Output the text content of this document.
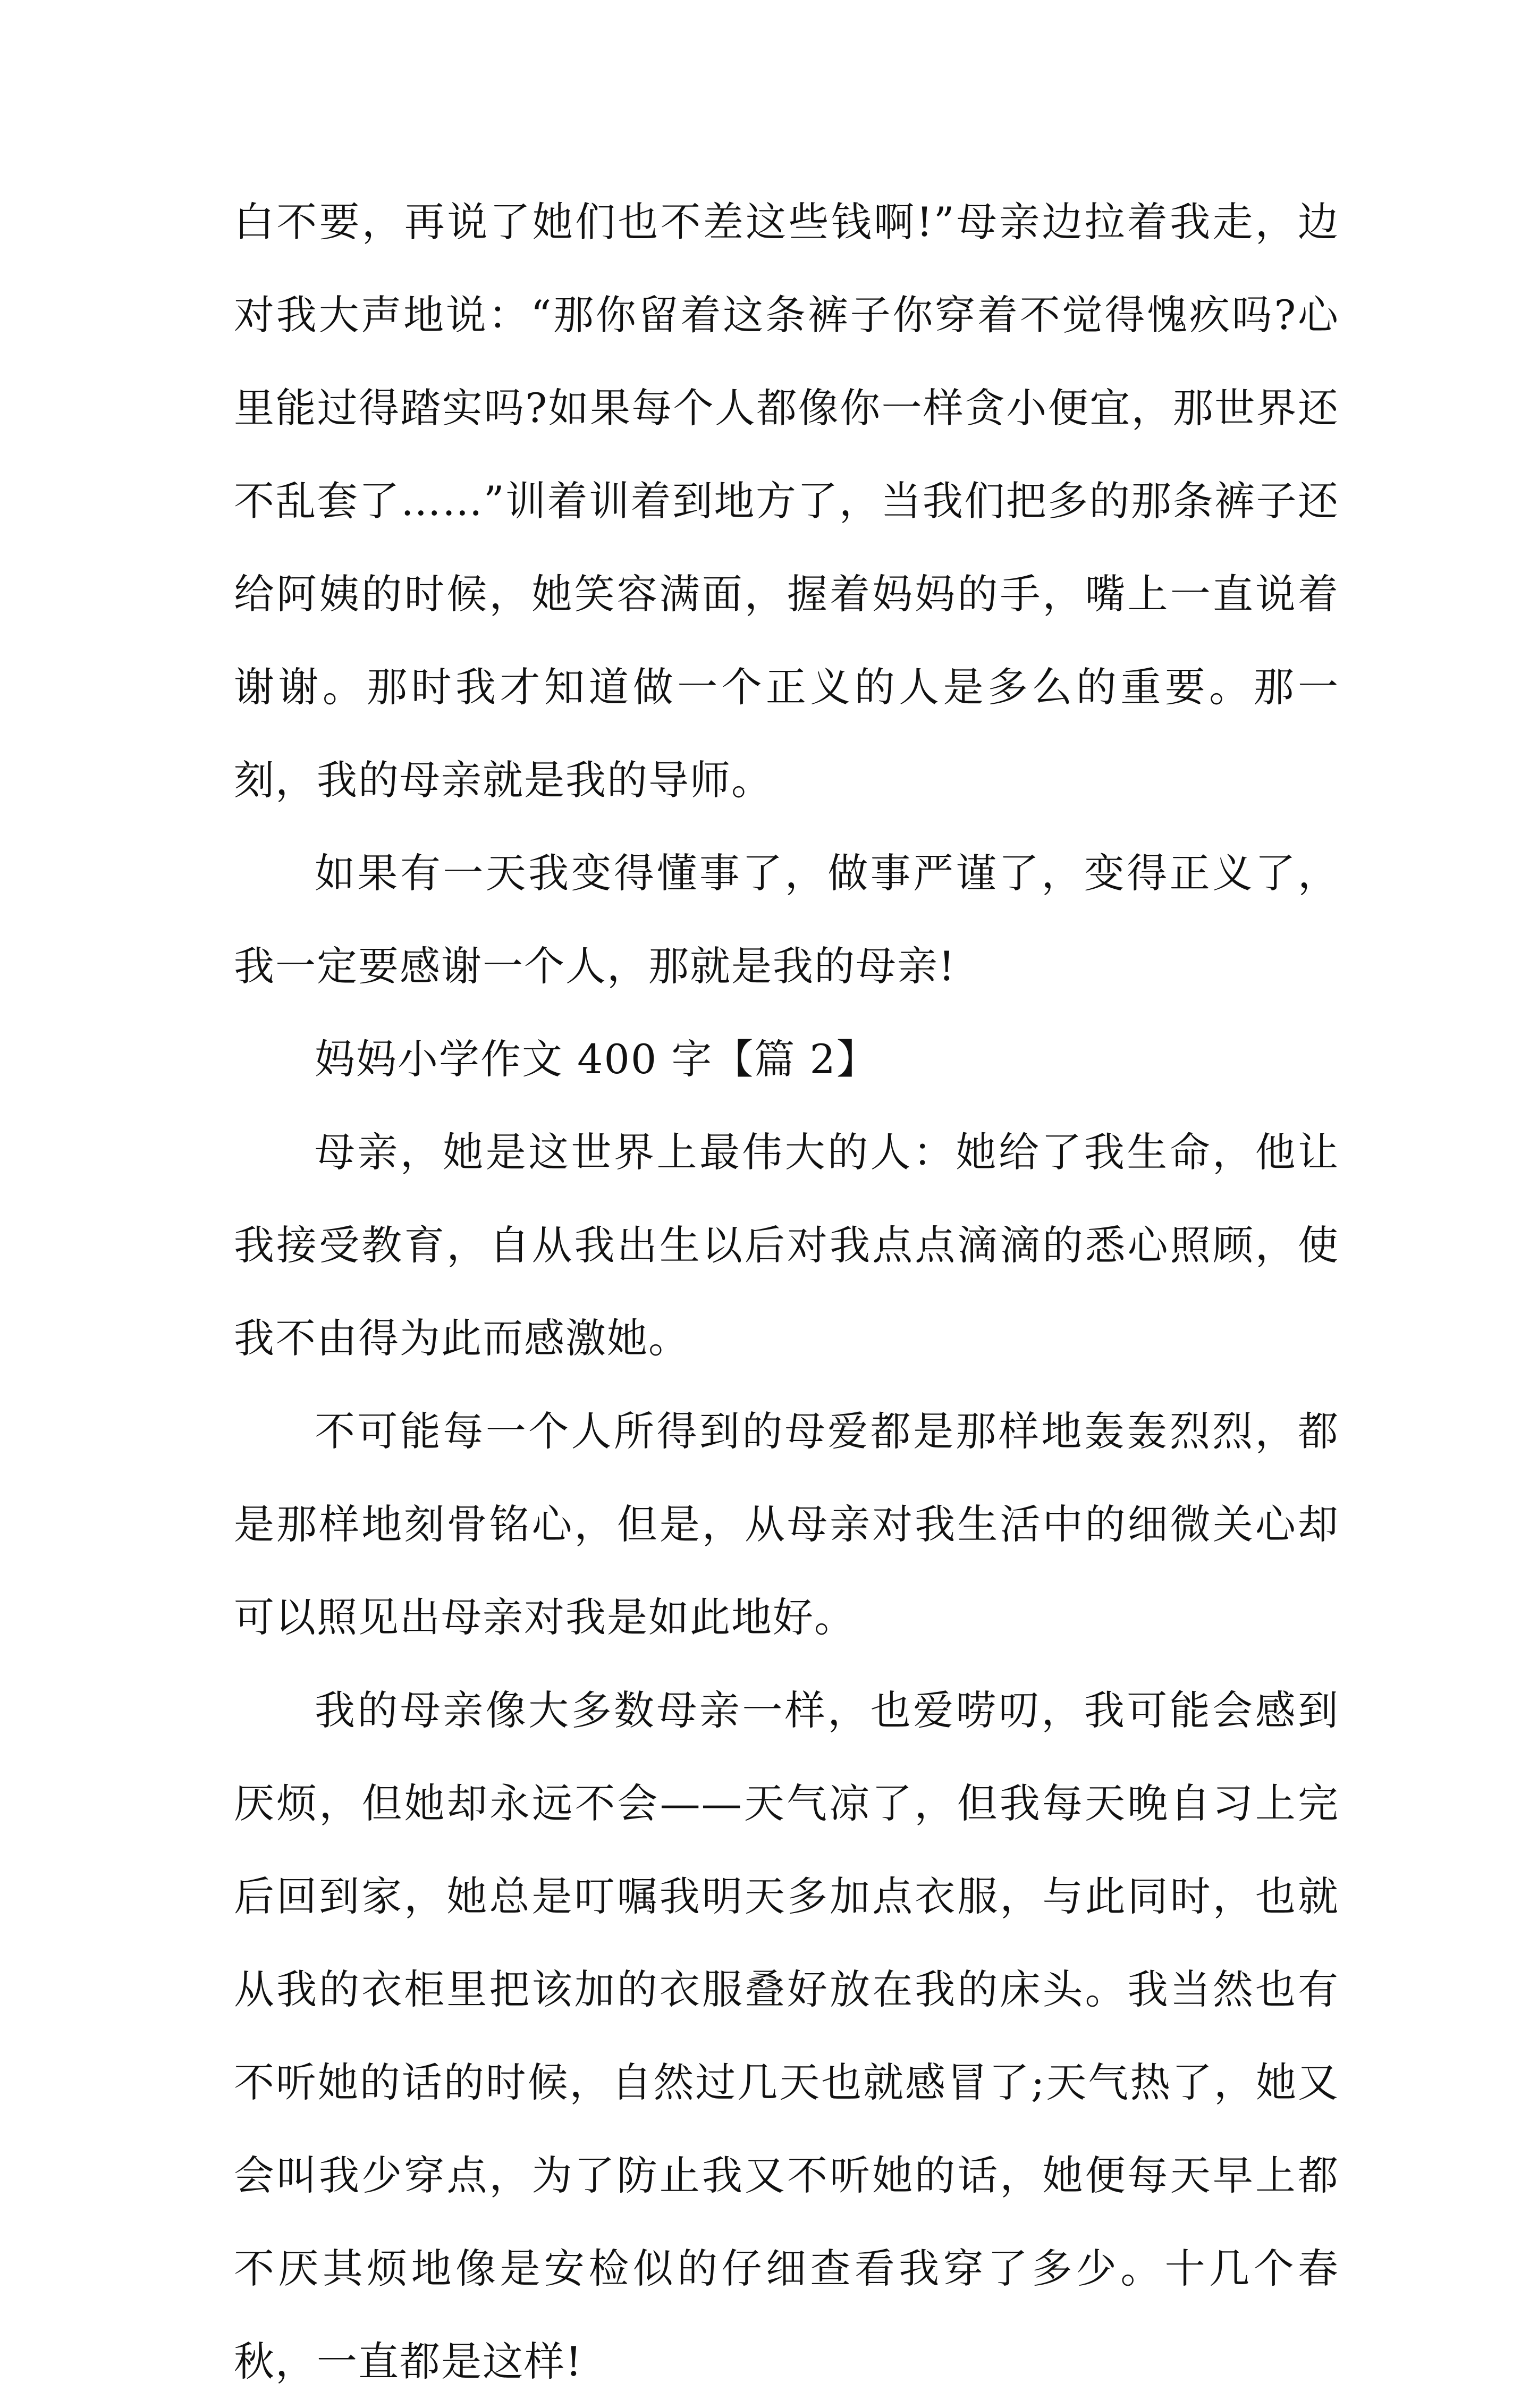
白不要，再说了她们也不差这些钱啊!”母亲边拉着我走，边对我大声地说：“那你留着这条裤子你穿着不觉得愧疚吗?心里能过得踏实吗?如果每个人都像你一样贪小便宜，那世界还不乱套了……”训着训着到地方了，当我们把多的那条裤子还给阿姨的时候，她笑容满面，握着妈妈的手，嘴上一直说着谢谢。那时我才知道做一个正义的人是多么的重要。那一刻，我的母亲就是我的导师。

如果有一天我变得懂事了，做事严谨了，变得正义了，我一定要感谢一个人，那就是我的母亲!

妈妈小学作文 400 字【篇 2】

母亲，她是这世界上最伟大的人：她给了我生命，他让我接受教育，自从我出生以后对我点点滴滴的悉心照顾，使我不由得为此而感激她。

不可能每一个人所得到的母爱都是那样地轰轰烈烈，都是那样地刻骨铭心，但是，从母亲对我生活中的细微关心却可以照见出母亲对我是如此地好。

我的母亲像大多数母亲一样，也爱唠叨，我可能会感到厌烦，但她却永远不会——天气凉了，但我每天晚自习上完后回到家，她总是叮嘱我明天多加点衣服，与此同时，也就从我的衣柜里把该加的衣服叠好放在我的床头。我当然也有不听她的话的时候，自然过几天也就感冒了;天气热了，她又会叫我少穿点，为了防止我又不听她的话，她便每天早上都不厌其烦地像是安检似的仔细查看我穿了多少。十几个春秋，一直都是这样!
